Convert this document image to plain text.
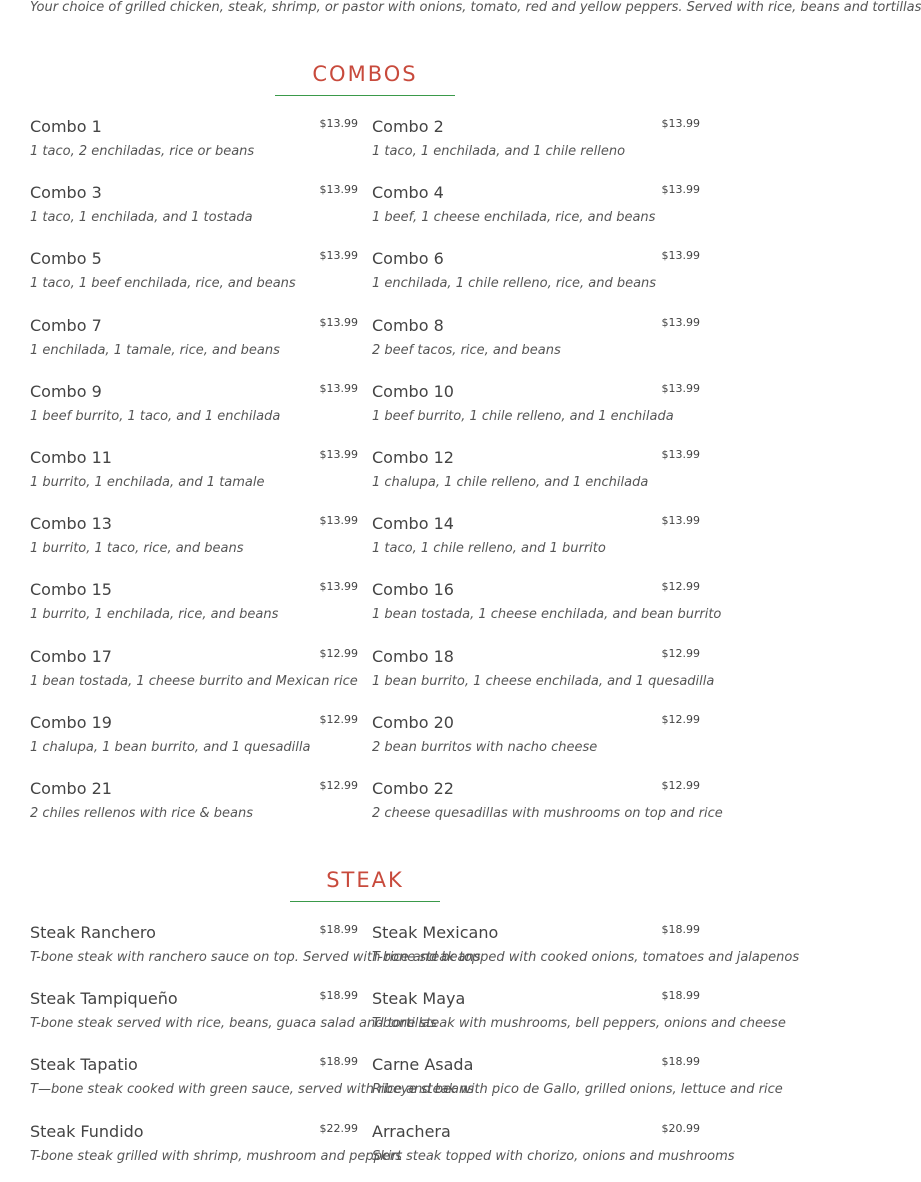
Your choice of grilled chicken, steak, shrimp, or pastor with onions, tomato, red and yellow peppers. Served with rice, beans and tortillas
COMBOS
Combo 1	$13.99
1 taco, 2 enchiladas, rice or beans
Combo 2	$13.99
1 taco, 1 enchilada, and 1 chile relleno
Combo 3	$13.99
1 taco, 1 enchilada, and 1 tostada
Combo 4	$13.99
1 beef, 1 cheese enchilada, rice, and beans
Combo 5	$13.99
1 taco, 1 beef enchilada, rice, and beans
Combo 6	$13.99
1 enchilada, 1 chile relleno, rice, and beans
Combo 7	$13.99
1 enchilada, 1 tamale, rice, and beans
Combo 8	$13.99
2 beef tacos, rice, and beans
Combo 9	$13.99
1 beef burrito, 1 taco, and 1 enchilada
Combo 10	$13.99
1 beef burrito, 1 chile relleno, and 1 enchilada
Combo 11	$13.99
1 burrito, 1 enchilada, and 1 tamale
Combo 12	$13.99
1 chalupa, 1 chile relleno, and 1 enchilada
Combo 13	$13.99
1 burrito, 1 taco, rice, and beans
Combo 14	$13.99
1 taco, 1 chile relleno, and 1 burrito
Combo 15	$13.99
1 burrito, 1 enchilada, rice, and beans
Combo 16	$12.99
1 bean tostada, 1 cheese enchilada, and bean burrito
Combo 17	$12.99
1 bean tostada, 1 cheese burrito and Mexican rice
Combo 18	$12.99
1 bean burrito, 1 cheese enchilada, and 1 quesadilla
Combo 19	$12.99
1 chalupa, 1 bean burrito, and 1 quesadilla
Combo 20	$12.99
2 bean burritos with nacho cheese
Combo 21	$12.99
2 chiles rellenos with rice & beans
Combo 22	$12.99
2 cheese quesadillas with mushrooms on top and rice
STEAK
Steak Ranchero	$18.99
T-bone steak with ranchero sauce on top. Served with rice and beans
Steak Mexicano	$18.99
T-bone steak topped with cooked onions, tomatoes and jalapenos
Steak Tampiqueño	$18.99
T-bone steak served with rice, beans, guaca salad and tortillas
Steak Maya	$18.99
T-bone steak with mushrooms, bell peppers, onions and cheese
Steak Tapatio	$18.99
T—bone steak cooked with green sauce, served with rice and beans
Carne Asada	$18.99
Ribeye steak with pico de Gallo, grilled onions, lettuce and rice
Steak Fundido	$22.99
T-bone steak grilled with shrimp, mushroom and peppers
Arrachera	$20.99
Skirt steak topped with chorizo, onions and mushrooms
